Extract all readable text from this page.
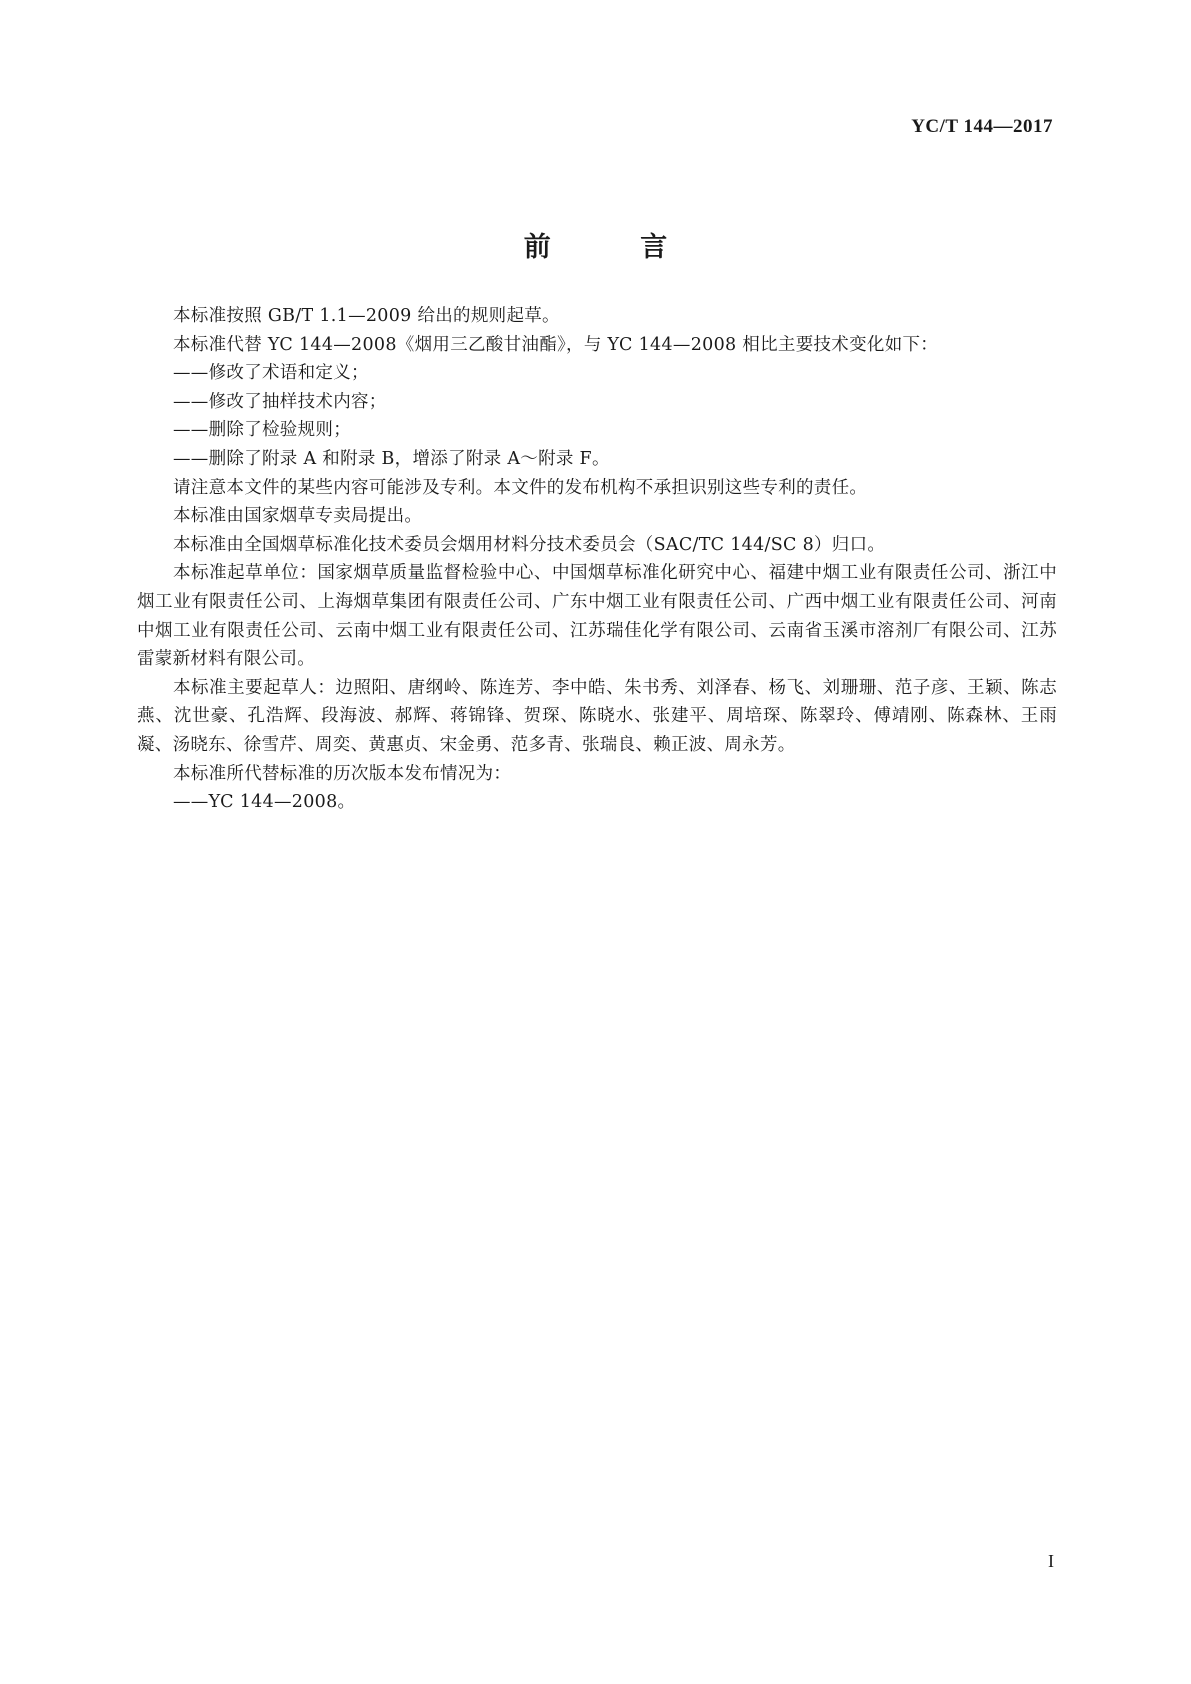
YC/T 144—2017
前 言

本标准按照 GB/T 1.1—2009 给出的规则起草。

本标准代替 YC 144—2008《烟用三乙酸甘油酯》，与 YC 144—2008 相比主要技术变化如下：

——修改了术语和定义；

——修改了抽样技术内容；

——删除了检验规则；

——删除了附录 A 和附录 B，增添了附录 A～附录 F。

请注意本文件的某些内容可能涉及专利。本文件的发布机构不承担识别这些专利的责任。

本标准由国家烟草专卖局提出。

本标准由全国烟草标准化技术委员会烟用材料分技术委员会（SAC/TC 144/SC 8）归口。

本标准起草单位：国家烟草质量监督检验中心、中国烟草标准化研究中心、福建中烟工业有限责任公司、浙江中烟工业有限责任公司、上海烟草集团有限责任公司、广东中烟工业有限责任公司、广西中烟工业有限责任公司、河南中烟工业有限责任公司、云南中烟工业有限责任公司、江苏瑞佳化学有限公司、云南省玉溪市溶剂厂有限公司、江苏雷蒙新材料有限公司。

本标准主要起草人：边照阳、唐纲岭、陈连芳、李中皓、朱书秀、刘泽春、杨飞、刘珊珊、范子彦、王颖、陈志燕、沈世豪、孔浩辉、段海波、郝辉、蒋锦锋、贺琛、陈晓水、张建平、周培琛、陈翠玲、傅靖刚、陈森林、王雨凝、汤晓东、徐雪芹、周奕、黄惠贞、宋金勇、范多青、张瑞良、赖正波、周永芳。

本标准所代替标准的历次版本发布情况为：

——YC 144—2008。

I
